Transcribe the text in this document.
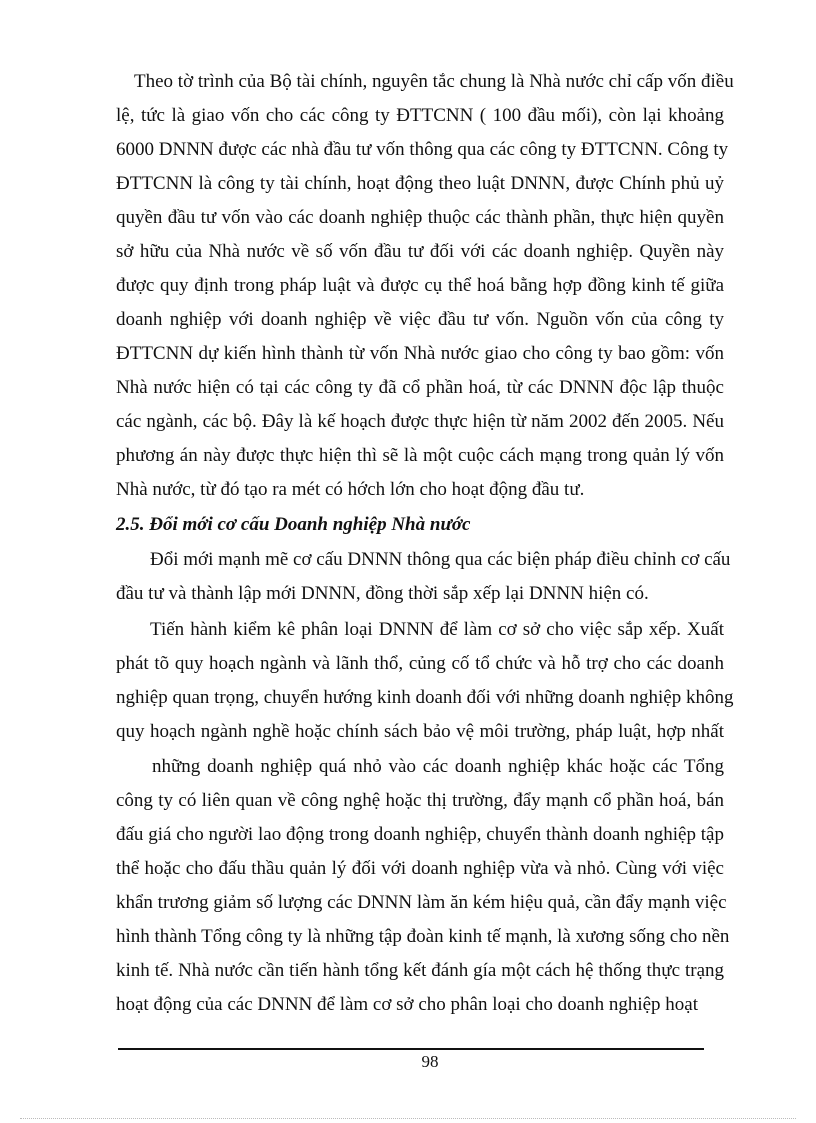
Theo tờ trình của Bộ tài chính, nguyên tắc chung là Nhà nước chỉ cấp vốn điều
lệ, tức là giao vốn cho các công ty ĐTTCNN ( 100 đầu mối), còn lại khoảng
6000 DNNN được các nhà đầu tư vốn thông qua các công ty ĐTTCNN. Công ty
ĐTTCNN là công ty tài chính, hoạt động theo luật DNNN, được Chính phủ uỷ
quyền đầu tư vốn vào các doanh nghiệp thuộc các thành phần, thực hiện quyền
sở hữu của Nhà nước về số vốn đầu tư đối với các doanh nghiệp. Quyền này
được quy định trong pháp luật và được cụ thể hoá bằng hợp đồng kinh tế giữa
doanh nghiệp với doanh nghiệp về việc đầu tư vốn. Nguồn vốn của công ty
ĐTTCNN dự kiến hình thành từ vốn Nhà nước giao cho công ty bao gồm: vốn
Nhà nước hiện có tại các công ty đã cổ phần hoá, từ các DNNN độc lập thuộc
các ngành, các bộ. Đây là kế hoạch được thực hiện từ năm 2002 đến 2005. Nếu
phương án này được thực hiện thì sẽ là một cuộc cách mạng trong quản lý vốn
Nhà nước, từ đó tạo ra mét có hớch lớn cho hoạt động đầu tư.
2.5. Đổi mới cơ cấu Doanh nghiệp Nhà nước
Đổi mới mạnh mẽ cơ cấu DNNN thông qua các biện pháp điều chỉnh cơ cấu
đầu tư và thành lập mới DNNN, đồng thời sắp xếp lại DNNN hiện có.
Tiến hành kiểm kê phân loại DNNN để làm cơ sở cho việc sắp xếp. Xuất
phát tõ quy hoạch ngành và lãnh thổ, củng cố tổ chức và hỗ trợ cho các doanh
nghiệp quan trọng, chuyển hướng kinh doanh đối với những doanh nghiệp không
quy hoạch ngành nghề hoặc chính sách bảo vệ môi trường, pháp luật, hợp nhất
những doanh nghiệp quá nhỏ vào các doanh nghiệp khác hoặc các Tổng
công ty có liên quan về công nghệ hoặc thị trường, đẩy mạnh cổ phần hoá, bán
đấu giá cho người lao động trong doanh nghiệp, chuyển thành doanh nghiệp tập
thể hoặc cho đấu thầu quản lý đối với doanh nghiệp vừa và nhỏ. Cùng với việc
khẩn trương giảm số lượng các DNNN làm ăn kém hiệu quả, cần đẩy mạnh việc
hình thành Tổng công ty là những tập đoàn kinh tế mạnh, là xương sống cho nền
kinh tế. Nhà nước cần tiến hành tổng kết đánh gía một cách hệ thống thực trạng
hoạt động của các DNNN để làm cơ sở cho phân loại cho doanh nghiệp hoạt
98
